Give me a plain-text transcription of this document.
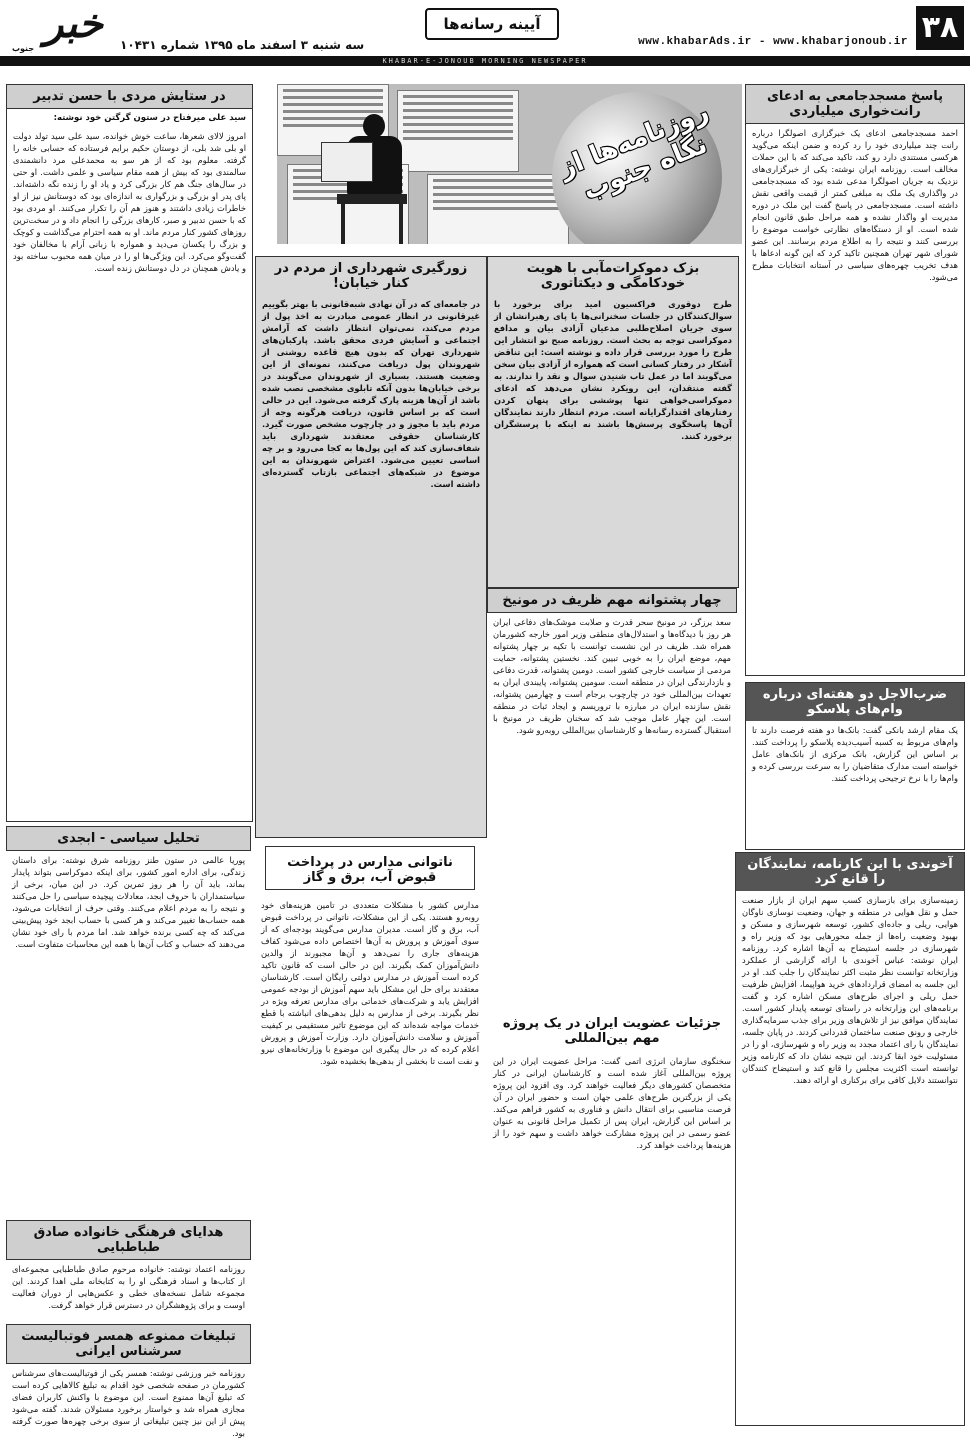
۳۸
www.khabarAds.ir - www.khabarjonoub.ir
آیینه رسانه‌ها
سه شنبه ۳ اسفند ماه ۱۳۹۵ شماره ۱۰۴۳۱
خبر
جنوب
KHABAR-E-JONOUB MORNING NEWSPAPER
پاسخ مسجدجامعی به ادعای رانت‌خواری میلیاردی
احمد مسجدجامعی ادعای یک خبرگزاری اصولگرا درباره رانت چند میلیاردی خود را رد کرده و ضمن اینکه می‌گوید هرکسی مستندی دارد رو کند، تاکید می‌کند که با این حملات مخالف است. روزنامه ایران نوشته: یکی از خبرگزاری‌های نزدیک به جریان اصولگرا مدعی شده بود که مسجدجامعی در واگذاری یک ملک به مبلغی کمتر از قیمت واقعی نقش داشته است. مسجدجامعی در پاسخ گفت این ملک در دوره مدیریت او واگذار نشده و همه مراحل طبق قانون انجام شده است. او از دستگاه‌های نظارتی خواست موضوع را بررسی کنند و نتیجه را به اطلاع مردم برسانند. این عضو شورای شهر تهران همچنین تاکید کرد که این گونه ادعاها با هدف تخریب چهره‌های سیاسی در آستانه انتخابات مطرح می‌شود.
ضرب‌الاجل دو هفته‌ای درباره وام‌های پلاسکو
یک مقام ارشد بانکی گفت: بانک‌ها دو هفته فرصت دارند تا وام‌های مربوط به کسبه آسیب‌دیده پلاسکو را پرداخت کنند. بر اساس این گزارش، بانک مرکزی از بانک‌های عامل خواسته است مدارک متقاضیان را به سرعت بررسی کرده و وام‌ها را با نرخ ترجیحی پرداخت کنند.
آخوندی با این کارنامه، نمایندگان را قانع کرد
زمینه‌سازی برای بازسازی کسب سهم ایران از بازار صنعت حمل و نقل هوایی در منطقه و جهان، وضعیت نوسازی ناوگان هوایی، ریلی و جاده‌ای کشور، توسعه شهرسازی و مسکن و بهبود وضعیت راه‌ها از جمله محورهایی بود که وزیر راه و شهرسازی در جلسه استیضاح به آن‌ها اشاره کرد. روزنامه ایران نوشته: عباس آخوندی با ارائه گزارشی از عملکرد وزارتخانه توانست نظر مثبت اکثر نمایندگان را جلب کند. او در این جلسه به امضای قراردادهای خرید هواپیما، افزایش ظرفیت حمل ریلی و اجرای طرح‌های مسکن اشاره کرد و گفت برنامه‌های این وزارتخانه در راستای توسعه پایدار کشور است. نمایندگان موافق نیز از تلاش‌های وزیر برای جذب سرمایه‌گذاری خارجی و رونق صنعت ساختمان قدردانی کردند. در پایان جلسه، نمایندگان با رای اعتماد مجدد به وزیر راه و شهرسازی، او را در مسئولیت خود ابقا کردند. این نتیجه نشان داد که کارنامه وزیر توانسته است اکثریت مجلس را قانع کند و استیضاح کنندگان نتوانستند دلایل کافی برای برکناری او ارائه دهند.
روزنامه‌ها از نگاه جنوب
بزک دموکرات‌مآبی با هویت خودکامگی و دیکتاتوری
طرح دوقوری فراکسیون امید برای برخورد با سوال‌کنندگان در جلسات سخنرانی‌ها یا پای رهبرانشان از سوی جریان اصلاح‌طلبی مدعیان آزادی بیان و مدافع دموکراسی توجه به بحث است. روزنامه صبح نو انتشار این طرح را مورد بررسی قرار داده و نوشته است: این تناقض آشکار در رفتار کسانی است که همواره از آزادی بیان سخن می‌گویند اما در عمل تاب شنیدن سوال و نقد را ندارند. به گفته منتقدان، این رویکرد نشان می‌دهد که ادعای دموکراسی‌خواهی تنها پوششی برای پنهان کردن رفتارهای اقتدارگرایانه است. مردم انتظار دارند نمایندگان آن‌ها پاسخگوی پرسش‌ها باشند نه اینکه با پرسشگران برخورد کنند.
چهار پشتوانه مهم ظریف در مونیخ
سعد برزگر، در مونیخ سحر قدرت و صلابت موشک‌های دفاعی ایران هر روز با دیدگاه‌ها و استدلال‌های منطقی وزیر امور خارجه کشورمان همراه شد. ظریف در این نشست توانست با تکیه بر چهار پشتوانه مهم، موضع ایران را به خوبی تبیین کند. نخستین پشتوانه، حمایت مردمی از سیاست خارجی کشور است. دومین پشتوانه، قدرت دفاعی و بازدارندگی ایران در منطقه است. سومین پشتوانه، پایبندی ایران به تعهدات بین‌المللی خود در چارچوب برجام است و چهارمین پشتوانه، نقش سازنده ایران در مبارزه با تروریسم و ایجاد ثبات در منطقه است. این چهار عامل موجب شد که سخنان ظریف در مونیخ با استقبال گسترده رسانه‌ها و کارشناسان بین‌المللی روبه‌رو شود.
جزئیات عضویت ایران در یک پروژه مهم بین‌المللی
سخنگوی سازمان انرژی اتمی گفت: مراحل عضویت ایران در این پروژه بین‌المللی آغاز شده است و کارشناسان ایرانی در کنار متخصصان کشورهای دیگر فعالیت خواهند کرد. وی افزود این پروژه یکی از بزرگترین طرح‌های علمی جهان است و حضور ایران در آن فرصت مناسبی برای انتقال دانش و فناوری به کشور فراهم می‌کند. بر اساس این گزارش، ایران پس از تکمیل مراحل قانونی به عنوان عضو رسمی در این پروژه مشارکت خواهد داشت و سهم خود را از هزینه‌ها پرداخت خواهد کرد.
زورگیری شهرداری از مردم در کنار خیابان!
در جامعه‌ای که در آن نهادی شبه‌قانونی با بهتر بگوییم غیرقانونی در انظار عمومی مبادرت به اخذ پول از مردم می‌کند، نمی‌توان انتظار داشت که آرامش اجتماعی و آسایش فردی محقق باشد. پارکبان‌های شهرداری تهران که بدون هیچ قاعده روشنی از شهروندان پول دریافت می‌کنند، نمونه‌ای از این وضعیت هستند. بسیاری از شهروندان می‌گویند در برخی خیابان‌ها بدون آنکه تابلوی مشخصی نصب شده باشد از آن‌ها هزینه پارک گرفته می‌شود. این در حالی است که بر اساس قانون، دریافت هرگونه وجه از مردم باید با مجوز و در چارچوب مشخص صورت گیرد. کارشناسان حقوقی معتقدند شهرداری باید شفاف‌سازی کند که این پول‌ها به کجا می‌رود و بر چه اساسی تعیین می‌شود. اعتراض شهروندان به این موضوع در شبکه‌های اجتماعی بازتاب گسترده‌ای داشته است.
ناتوانی مدارس در پرداخت قبوض آب، برق و گاز
مدارس کشور با مشکلات متعددی در تامین هزینه‌های خود روبه‌رو هستند. یکی از این مشکلات، ناتوانی در پرداخت قبوض آب، برق و گاز است. مدیران مدارس می‌گویند بودجه‌ای که از سوی آموزش و پرورش به آن‌ها اختصاص داده می‌شود کفاف هزینه‌های جاری را نمی‌دهد و آن‌ها مجبورند از والدین دانش‌آموزان کمک بگیرند. این در حالی است که قانون تاکید کرده است آموزش در مدارس دولتی رایگان است. کارشناسان معتقدند برای حل این مشکل باید سهم آموزش از بودجه عمومی افزایش یابد و شرکت‌های خدماتی برای مدارس تعرفه ویژه در نظر بگیرند. برخی از مدارس به دلیل بدهی‌های انباشته با قطع خدمات مواجه شده‌اند که این موضوع تاثیر مستقیمی بر کیفیت آموزش و سلامت دانش‌آموزان دارد. وزارت آموزش و پرورش اعلام کرده که در حال پیگیری این موضوع با وزارتخانه‌های نیرو و نفت است تا بخشی از بدهی‌ها بخشیده شود.
در ستایش مردی با حسن تدبیر
سید علی میرفتاح در ستون گرگتن خود نوشته:
امروز لالای شعرها، ساعت خوش خوانده، سید علی سید تولد دولت او بلی شد بلی، از دوستان حکیم برایم فرستاده که حسابی خانه را گرفته. معلوم بود که از هر سو به محمدعلی مرد دانشمندی سالمندی بود که بیش از همه مقام سیاسی و علمی داشت. او حتی در سال‌های جنگ هم کار بزرگی کرد و یاد او را زنده نگه داشته‌اند. پای پدر او بزرگی و بزرگواری به اندازه‌ای بود که دوستانش نیز از او خاطرات زیادی داشتند و هنوز هم آن را تکرار می‌کنند. او مردی بود که با حسن تدبیر و صبر، کارهای بزرگی را انجام داد و در سخت‌ترین روزهای کشور کنار مردم ماند. او به همه احترام می‌گذاشت و کوچک و بزرگ را یکسان می‌دید و همواره با زبانی آرام با مخالفان خود گفت‌وگو می‌کرد. این ویژگی‌ها او را در میان همه محبوب ساخته بود و یادش همچنان در دل دوستانش زنده است.
تحلیل سیاسی - ابجدی
پوریا عالمی در ستون طنز روزنامه شرق نوشته: برای داستان زندگی، برای اداره امور کشور، برای اینکه دموکراسی بتواند پایدار بماند، باید آن را هر روز تمرین کرد. در این میان، برخی از سیاستمداران با حروف ابجد، معادلات پیچیده سیاسی را حل می‌کنند و نتیجه را به مردم اعلام می‌کنند. وقتی حرف از انتخابات می‌شود، همه حساب‌ها تغییر می‌کند و هر کسی با حساب ابجد خود پیش‌بینی می‌کند که چه کسی برنده خواهد شد. اما مردم با رای خود نشان می‌دهند که حساب و کتاب آن‌ها با همه این محاسبات متفاوت است.
هدایای فرهنگی خانواده صادق طباطبایی
روزنامه اعتماد نوشته: خانواده مرحوم صادق طباطبایی مجموعه‌ای از کتاب‌ها و اسناد فرهنگی او را به کتابخانه ملی اهدا کردند. این مجموعه شامل نسخه‌های خطی و عکس‌هایی از دوران فعالیت اوست و برای پژوهشگران در دسترس قرار خواهد گرفت.
تبلیغات ممنوعه همسر فوتبالیست سرشناس ایرانی
روزنامه خبر ورزشی نوشته: همسر یکی از فوتبالیست‌های سرشناس کشورمان در صفحه شخصی خود اقدام به تبلیغ کالاهایی کرده است که تبلیغ آن‌ها ممنوع است. این موضوع با واکنش کاربران فضای مجازی همراه شد و خواستار برخورد مسئولان شدند. گفته می‌شود پیش از این نیز چنین تبلیغاتی از سوی برخی چهره‌ها صورت گرفته بود.
